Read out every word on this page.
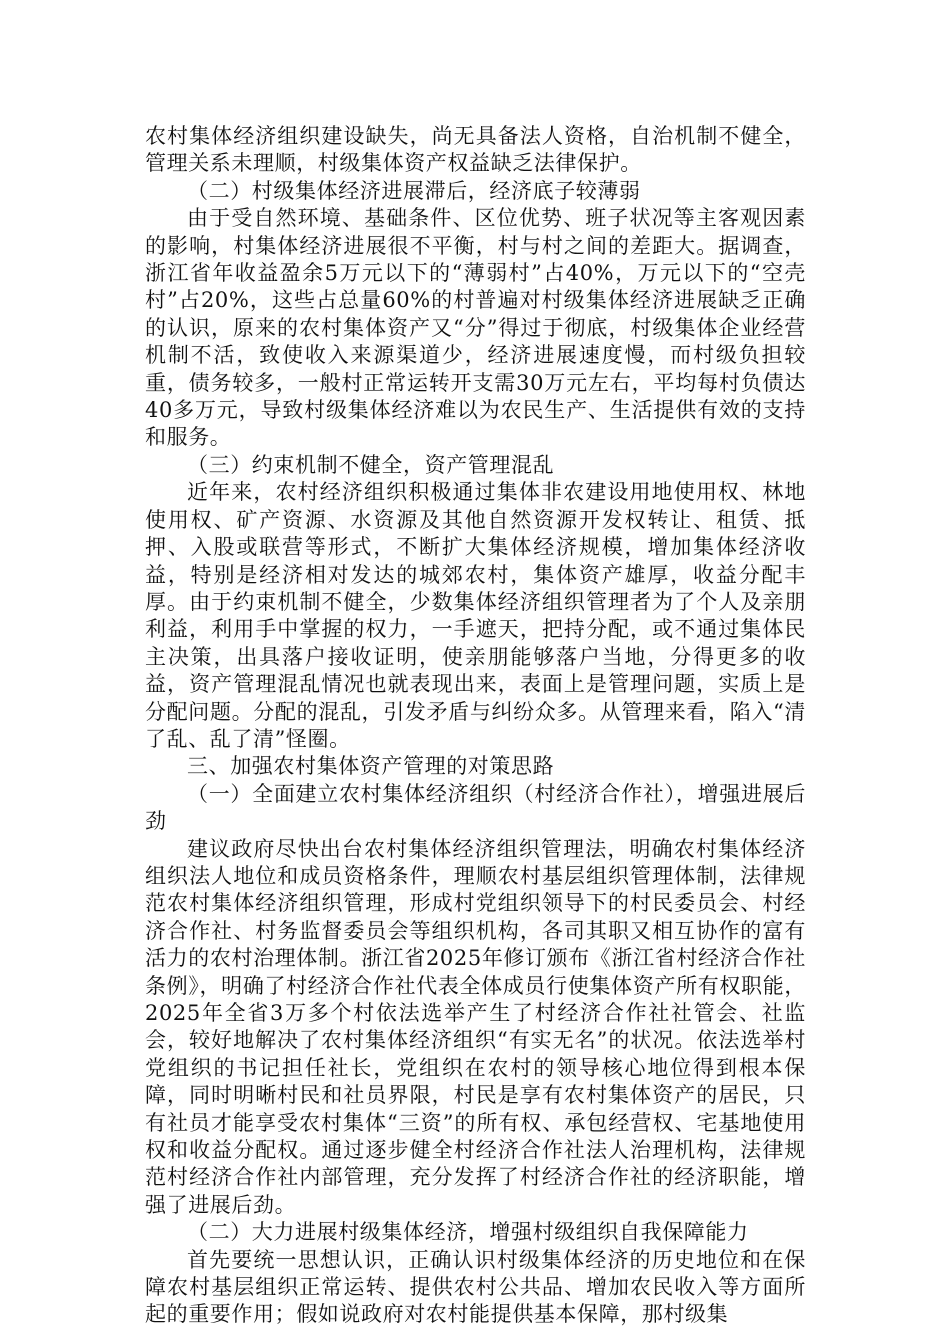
农村集体经济组织建设缺失，尚无具备法人资格，自治机制不健全，管理关系未理顺，村级集体资产权益缺乏法律保护。

（二）村级集体经济进展滞后，经济底子较薄弱

由于受自然环境、基础条件、区位优势、班子状况等主客观因素的影响，村集体经济进展很不平衡，村与村之间的差距大。据调查，浙江省年收益盈余5万元以下的“薄弱村”占40%，万元以下的“空壳村”占20%，这些占总量60%的村普遍对村级集体经济进展缺乏正确的认识，原来的农村集体资产又“分”得过于彻底，村级集体企业经营机制不活，致使收入来源渠道少，经济进展速度慢，而村级负担较重，债务较多，一般村正常运转开支需30万元左右，平均每村负债达40多万元，导致村级集体经济难以为农民生产、生活提供有效的支持和服务。

（三）约束机制不健全，资产管理混乱

近年来，农村经济组织积极通过集体非农建设用地使用权、林地使用权、矿产资源、水资源及其他自然资源开发权转让、租赁、抵押、入股或联营等形式，不断扩大集体经济规模，增加集体经济收益，特别是经济相对发达的城郊农村，集体资产雄厚，收益分配丰厚。由于约束机制不健全，少数集体经济组织管理者为了个人及亲朋利益，利用手中掌握的权力，一手遮天，把持分配，或不通过集体民主决策，出具落户接收证明，使亲朋能够落户当地，分得更多的收益，资产管理混乱情况也就表现出来，表面上是管理问题，实质上是分配问题。分配的混乱，引发矛盾与纠纷众多。从管理来看，陷入“清了乱、乱了清”怪圈。

三、加强农村集体资产管理的对策思路

（一）全面建立农村集体经济组织（村经济合作社），增强进展后劲

建议政府尽快出台农村集体经济组织管理法，明确农村集体经济组织法人地位和成员资格条件，理顺农村基层组织管理体制，法律规范农村集体经济组织管理，形成村党组织领导下的村民委员会、村经济合作社、村务监督委员会等组织机构，各司其职又相互协作的富有活力的农村治理体制。浙江省2025年修订颁布《浙江省村经济合作社条例》，明确了村经济合作社代表全体成员行使集体资产所有权职能，2025年全省3万多个村依法选举产生了村经济合作社社管会、社监会，较好地解决了农村集体经济组织“有实无名”的状况。依法选举村党组织的书记担任社长，党组织在农村的领导核心地位得到根本保障，同时明晰村民和社员界限，村民是享有农村集体资产的居民，只有社员才能享受农村集体“三资”的所有权、承包经营权、宅基地使用权和收益分配权。通过逐步健全村经济合作社法人治理机构，法律规范村经济合作社内部管理，充分发挥了村经济合作社的经济职能，增强了进展后劲。

（二）大力进展村级集体经济，增强村级组织自我保障能力

首先要统一思想认识，正确认识村级集体经济的历史地位和在保障农村基层组织正常运转、提供农村公共品、增加农民收入等方面所起的重要作用；假如说政府对农村能提供基本保障，那村级集
